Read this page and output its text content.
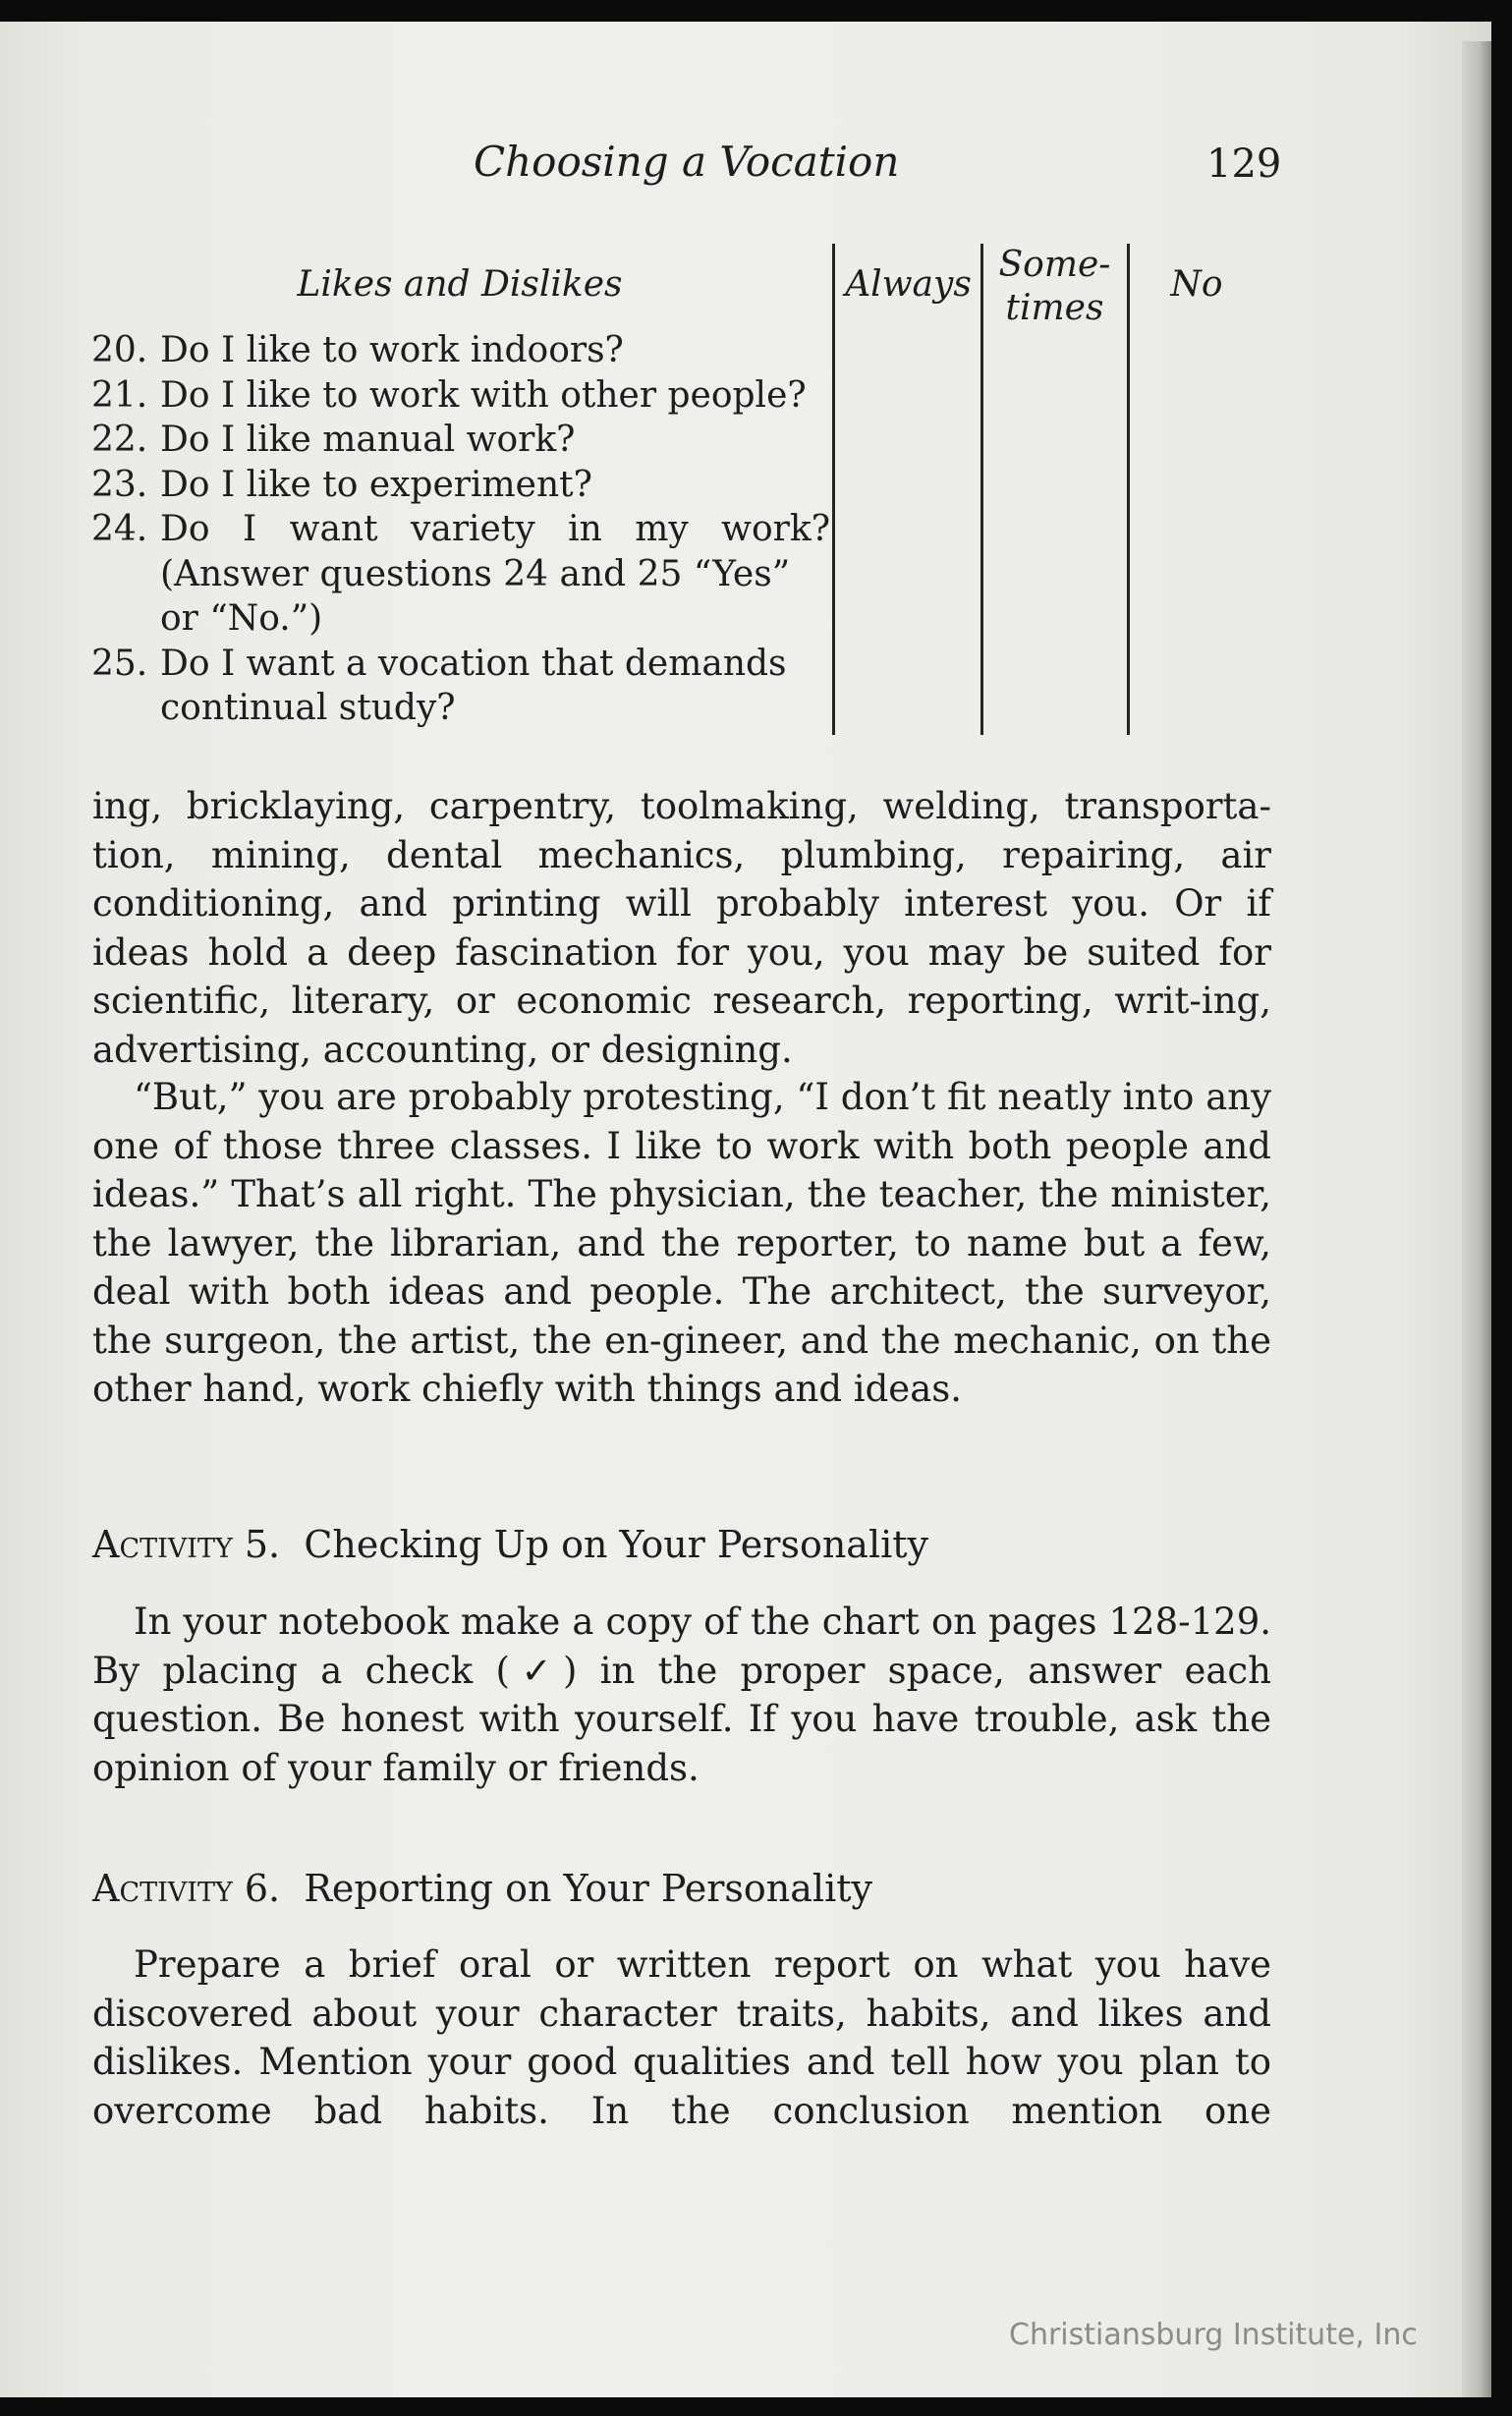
Choosing a Vocation	129
Likes and Dislikes	Always Some-
times
No
20. Do I like to work indoors?
21. Do I like to work with other people?
22. Do I like manual work?
23. Do I like to experiment?
24. Do I want variety in my work?
(Answer questions 24 and 25 “Yes”
or “No.”)
25. Do I want a vocation that demands
continual study?

ing, bricklaying, carpentry, toolmaking, welding, transporta-tion, mining, dental mechanics, plumbing, repairing, air conditioning, and printing will probably interest you. Or if ideas hold a deep fascination for you, you may be suited for scientific, literary, or economic research, reporting, writ-ing, advertising, accounting, or designing.

“But,” you are probably protesting, “I don’t fit neatly into any one of those three classes. I like to work with both people and ideas.” That’s all right. The physician, the teacher, the minister, the lawyer, the librarian, and the reporter, to name but a few, deal with both ideas and people. The architect, the surveyor, the surgeon, the artist, the en-gineer, and the mechanic, on the other hand, work chiefly with things and ideas.

Activity 5. Checking Up on Your Personality

In your notebook make a copy of the chart on pages 128-129. By placing a check (✓) in the proper space, answer each question. Be honest with yourself. If you have trouble, ask the opinion of your family or friends.

Activity 6. Reporting on Your Personality

Prepare a brief oral or written report on what you have discovered about your character traits, habits, and likes and dislikes. Mention your good qualities and tell how you plan to overcome bad habits. In the conclusion mention one

Christiansburg Institute, Inc
